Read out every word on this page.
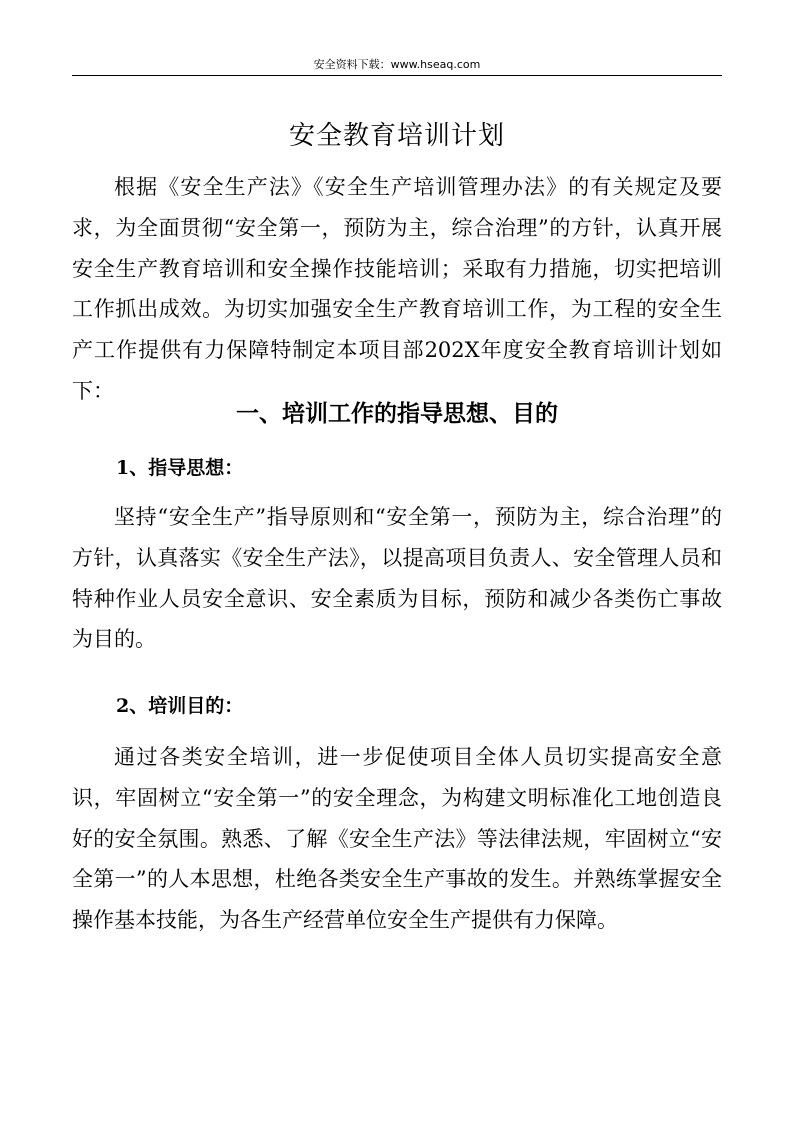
安全资料下载：www.hseaq.com
安全教育培训计划

根据《安全生产法》《安全生产培训管理办法》的有关规定及要求，为全面贯彻“安全第一，预防为主，综合治理”的方针，认真开展安全生产教育培训和安全操作技能培训；采取有力措施，切实把培训工作抓出成效。为切实加强安全生产教育培训工作，为工程的安全生产工作提供有力保障特制定本项目部202X年度安全教育培训计划如下：

一、培训工作的指导思想、目的
1、指导思想：

坚持“安全生产”指导原则和“安全第一，预防为主，综合治理”的方针，认真落实《安全生产法》，以提高项目负责人、安全管理人员和特种作业人员安全意识、安全素质为目标，预防和减少各类伤亡事故为目的。

2、培训目的：

通过各类安全培训，进一步促使项目全体人员切实提高安全意识，牢固树立“安全第一”的安全理念，为构建文明标准化工地创造良好的安全氛围。熟悉、了解《安全生产法》等法律法规，牢固树立“安全第一”的人本思想，杜绝各类安全生产事故的发生。并熟练掌握安全操作基本技能，为各生产经营单位安全生产提供有力保障。
